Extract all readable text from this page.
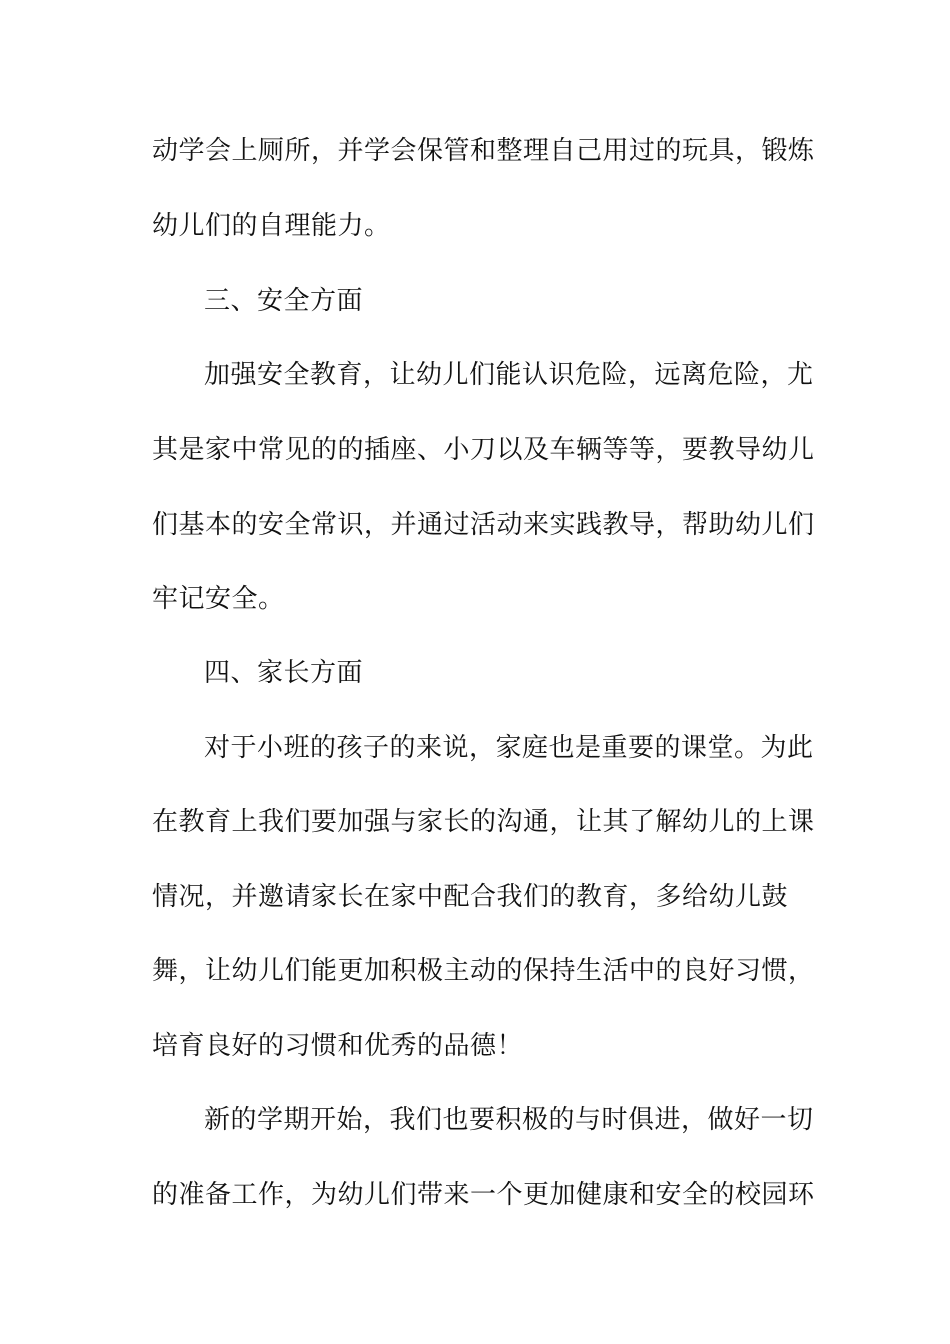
动学会上厕所，并学会保管和整理自己用过的玩具，锻炼
幼儿们的自理能力。
三、安全方面
加强安全教育，让幼儿们能认识危险，远离危险，尤
其是家中常见的的插座、小刀以及车辆等等，要教导幼儿
们基本的安全常识，并通过活动来实践教导，帮助幼儿们
牢记安全。
四、家长方面
对于小班的孩子的来说，家庭也是重要的课堂。为此
在教育上我们要加强与家长的沟通，让其了解幼儿的上课
情况，并邀请家长在家中配合我们的教育，多给幼儿鼓
舞，让幼儿们能更加积极主动的保持生活中的良好习惯，
培育良好的习惯和优秀的品德！
新的学期开始，我们也要积极的与时俱进，做好一切
的准备工作，为幼儿们带来一个更加健康和安全的校园环
